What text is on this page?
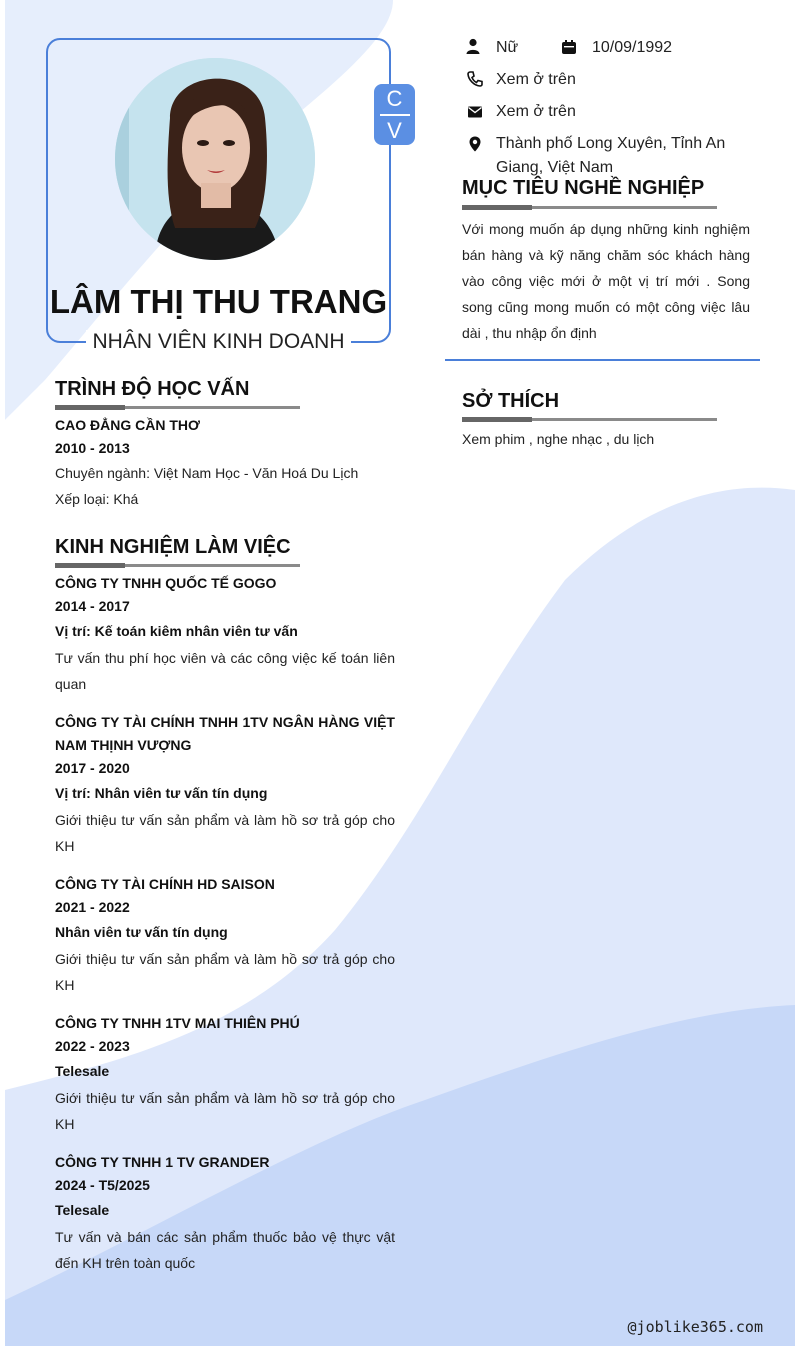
C
V
LÂM THỊ THU TRANG
NHÂN VIÊN KINH DOANH
Nữ	10/09/1992
Xem ở trên
Xem ở trên
Thành phố Long Xuyên, Tỉnh An
Giang, Việt Nam
MỤC TIÊU NGHỀ NGHIỆP
Với mong muốn áp dụng những kinh nghiệm bán hàng và kỹ năng chăm sóc khách hàng vào công việc mới ở một vị trí mới . Song song cũng mong muốn có một công việc lâu dài , thu nhập ổn định
SỞ THÍCH
Xem phim , nghe nhạc , du lịch
TRÌNH ĐỘ HỌC VẤN
CAO ĐẲNG CẦN THƠ
2010 - 2013
Chuyên ngành: Việt Nam Học - Văn Hoá Du Lịch
Xếp loại: Khá
KINH NGHIỆM LÀM VIỆC
CÔNG TY TNHH QUỐC TẾ GOGO
2014 - 2017
Vị trí: Kế toán kiêm nhân viên tư vấn
Tư vấn thu phí học viên và các công việc kế toán liên quan
CÔNG TY TÀI CHÍNH TNHH 1TV NGÂN HÀNG VIỆT NAM THỊNH VƯỢNG
2017 - 2020
Vị trí: Nhân viên tư vấn tín dụng
Giới thiệu tư vấn sản phẩm và làm hồ sơ trả góp cho KH
CÔNG TY TÀI CHÍNH HD SAISON
2021 - 2022
Nhân viên tư vấn tín dụng
Giới thiệu tư vấn sản phẩm và làm hồ sơ trả góp cho KH
CÔNG TY TNHH 1TV MAI THIÊN PHÚ
2022 - 2023
Telesale
Giới thiệu tư vấn sản phẩm và làm hồ sơ trả góp cho KH
CÔNG TY TNHH 1 TV GRANDER
2024 - T5/2025
Telesale
Tư vấn và bán các sản phẩm thuốc bảo vệ thực vật đến KH trên toàn quốc
@joblike365.com
